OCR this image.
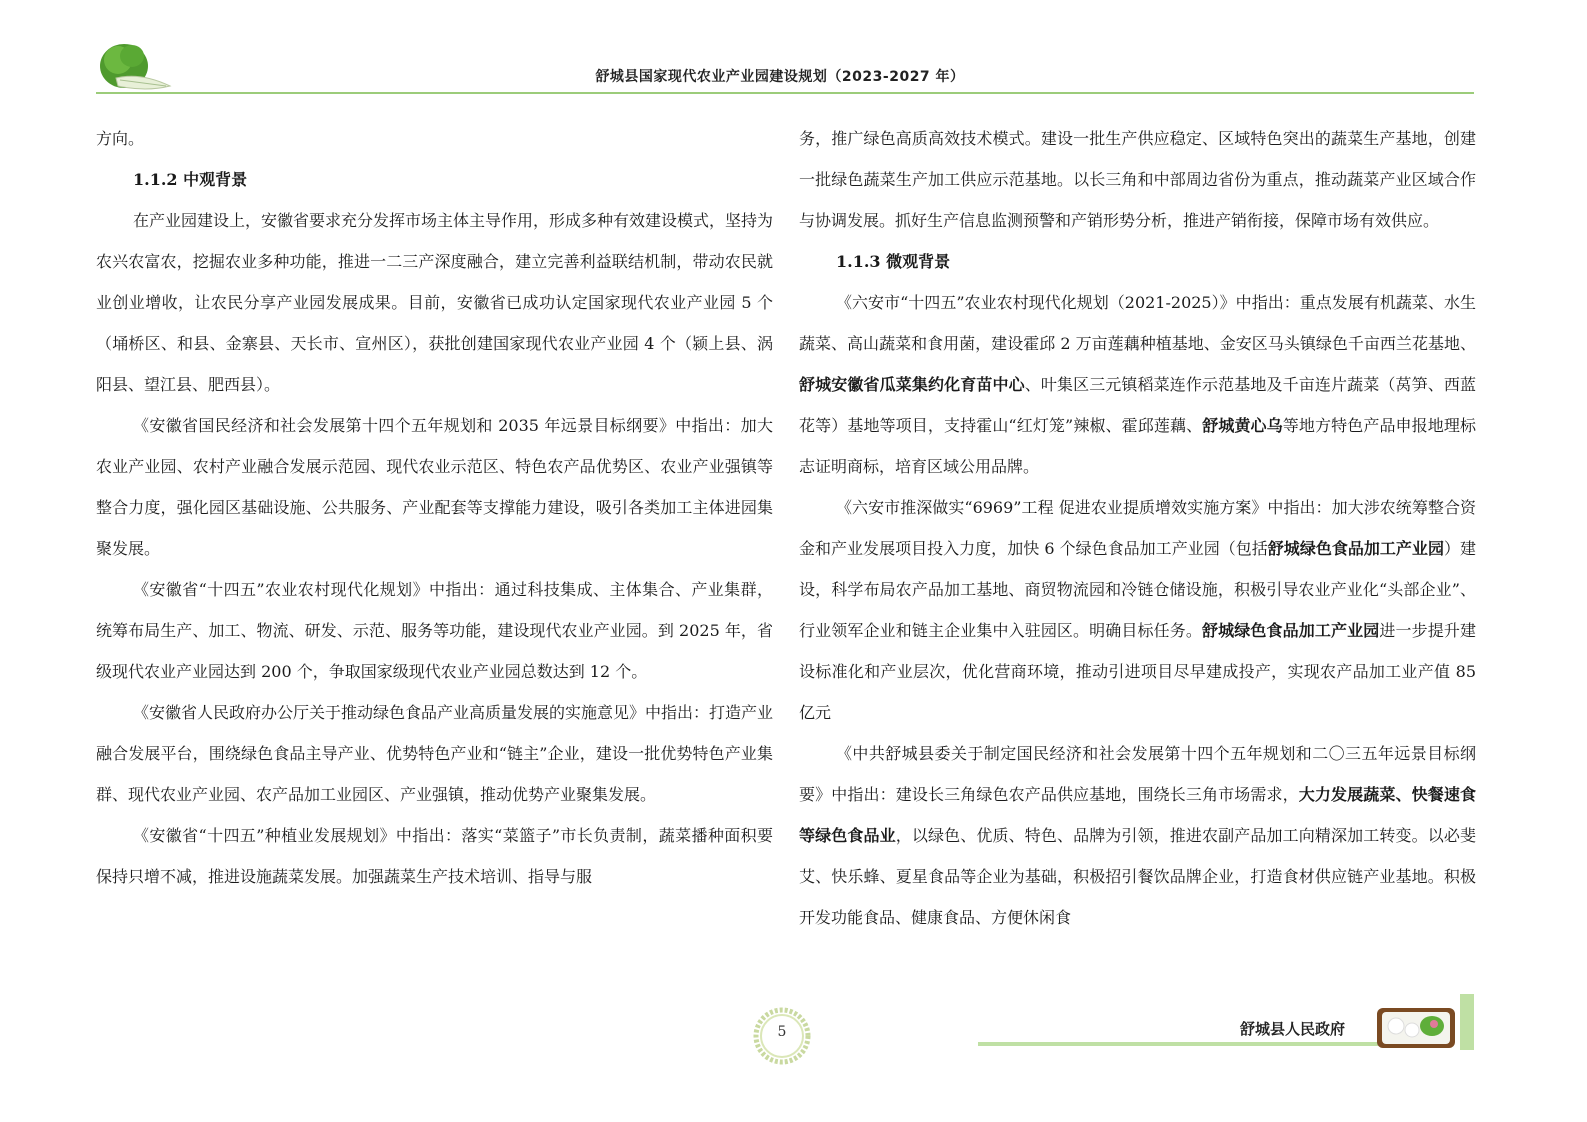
舒城县国家现代农业产业园建设规划（2023-2027 年）

方向。

1.1.2 中观背景

在产业园建设上，安徽省要求充分发挥市场主体主导作用，形成多种有效建设模式，坚持为农兴农富农，挖掘农业多种功能，推进一二三产深度融合，建立完善利益联结机制，带动农民就业创业增收，让农民分享产业园发展成果。目前，安徽省已成功认定国家现代农业产业园 5 个（埇桥区、和县、金寨县、天长市、宣州区），获批创建国家现代农业产业园 4 个（颍上县、涡阳县、望江县、肥西县）。

《安徽省国民经济和社会发展第十四个五年规划和 2035 年远景目标纲要》中指出：加大农业产业园、农村产业融合发展示范园、现代农业示范区、特色农产品优势区、农业产业强镇等整合力度，强化园区基础设施、公共服务、产业配套等支撑能力建设，吸引各类加工主体进园集聚发展。

《安徽省“十四五”农业农村现代化规划》中指出：通过科技集成、主体集合、产业集群，统筹布局生产、加工、物流、研发、示范、服务等功能，建设现代农业产业园。到 2025 年，省级现代农业产业园达到 200 个，争取国家级现代农业产业园总数达到 12 个。

《安徽省人民政府办公厅关于推动绿色食品产业高质量发展的实施意见》中指出：打造产业融合发展平台，围绕绿色食品主导产业、优势特色产业和“链主”企业，建设一批优势特色产业集群、现代农业产业园、农产品加工业园区、产业强镇，推动优势产业聚集发展。

《安徽省“十四五”种植业发展规划》中指出：落实“菜篮子”市长负责制，蔬菜播种面积要保持只增不减，推进设施蔬菜发展。加强蔬菜生产技术培训、指导与服

务，推广绿色高质高效技术模式。建设一批生产供应稳定、区域特色突出的蔬菜生产基地，创建一批绿色蔬菜生产加工供应示范基地。以长三角和中部周边省份为重点，推动蔬菜产业区域合作与协调发展。抓好生产信息监测预警和产销形势分析，推进产销衔接，保障市场有效供应。

1.1.3 微观背景

《六安市“十四五”农业农村现代化规划（2021-2025）》中指出：重点发展有机蔬菜、水生蔬菜、高山蔬菜和食用菌，建设霍邱 2 万亩莲藕种植基地、金安区马头镇绿色千亩西兰花基地、舒城安徽省瓜菜集约化育苗中心、叶集区三元镇稻菜连作示范基地及千亩连片蔬菜（莴笋、西蓝花等）基地等项目，支持霍山“红灯笼”辣椒、霍邱莲藕、舒城黄心乌等地方特色产品申报地理标志证明商标，培育区域公用品牌。

《六安市推深做实“6969”工程 促进农业提质增效实施方案》中指出：加大涉农统筹整合资金和产业发展项目投入力度，加快 6 个绿色食品加工产业园（包括舒城绿色食品加工产业园）建设，科学布局农产品加工基地、商贸物流园和冷链仓储设施，积极引导农业产业化“头部企业”、行业领军企业和链主企业集中入驻园区。明确目标任务。舒城绿色食品加工产业园进一步提升建设标准化和产业层次，优化营商环境，推动引进项目尽早建成投产，实现农产品加工业产值 85 亿元

《中共舒城县委关于制定国民经济和社会发展第十四个五年规划和二〇三五年远景目标纲要》中指出：建设长三角绿色农产品供应基地，围绕长三角市场需求，大力发展蔬菜、快餐速食等绿色食品业，以绿色、优质、特色、品牌为引领，推进农副产品加工向精深加工转变。以必斐艾、快乐蜂、夏星食品等企业为基础，积极招引餐饮品牌企业，打造食材供应链产业基地。积极开发功能食品、健康食品、方便休闲食

5	舒城县人民政府
